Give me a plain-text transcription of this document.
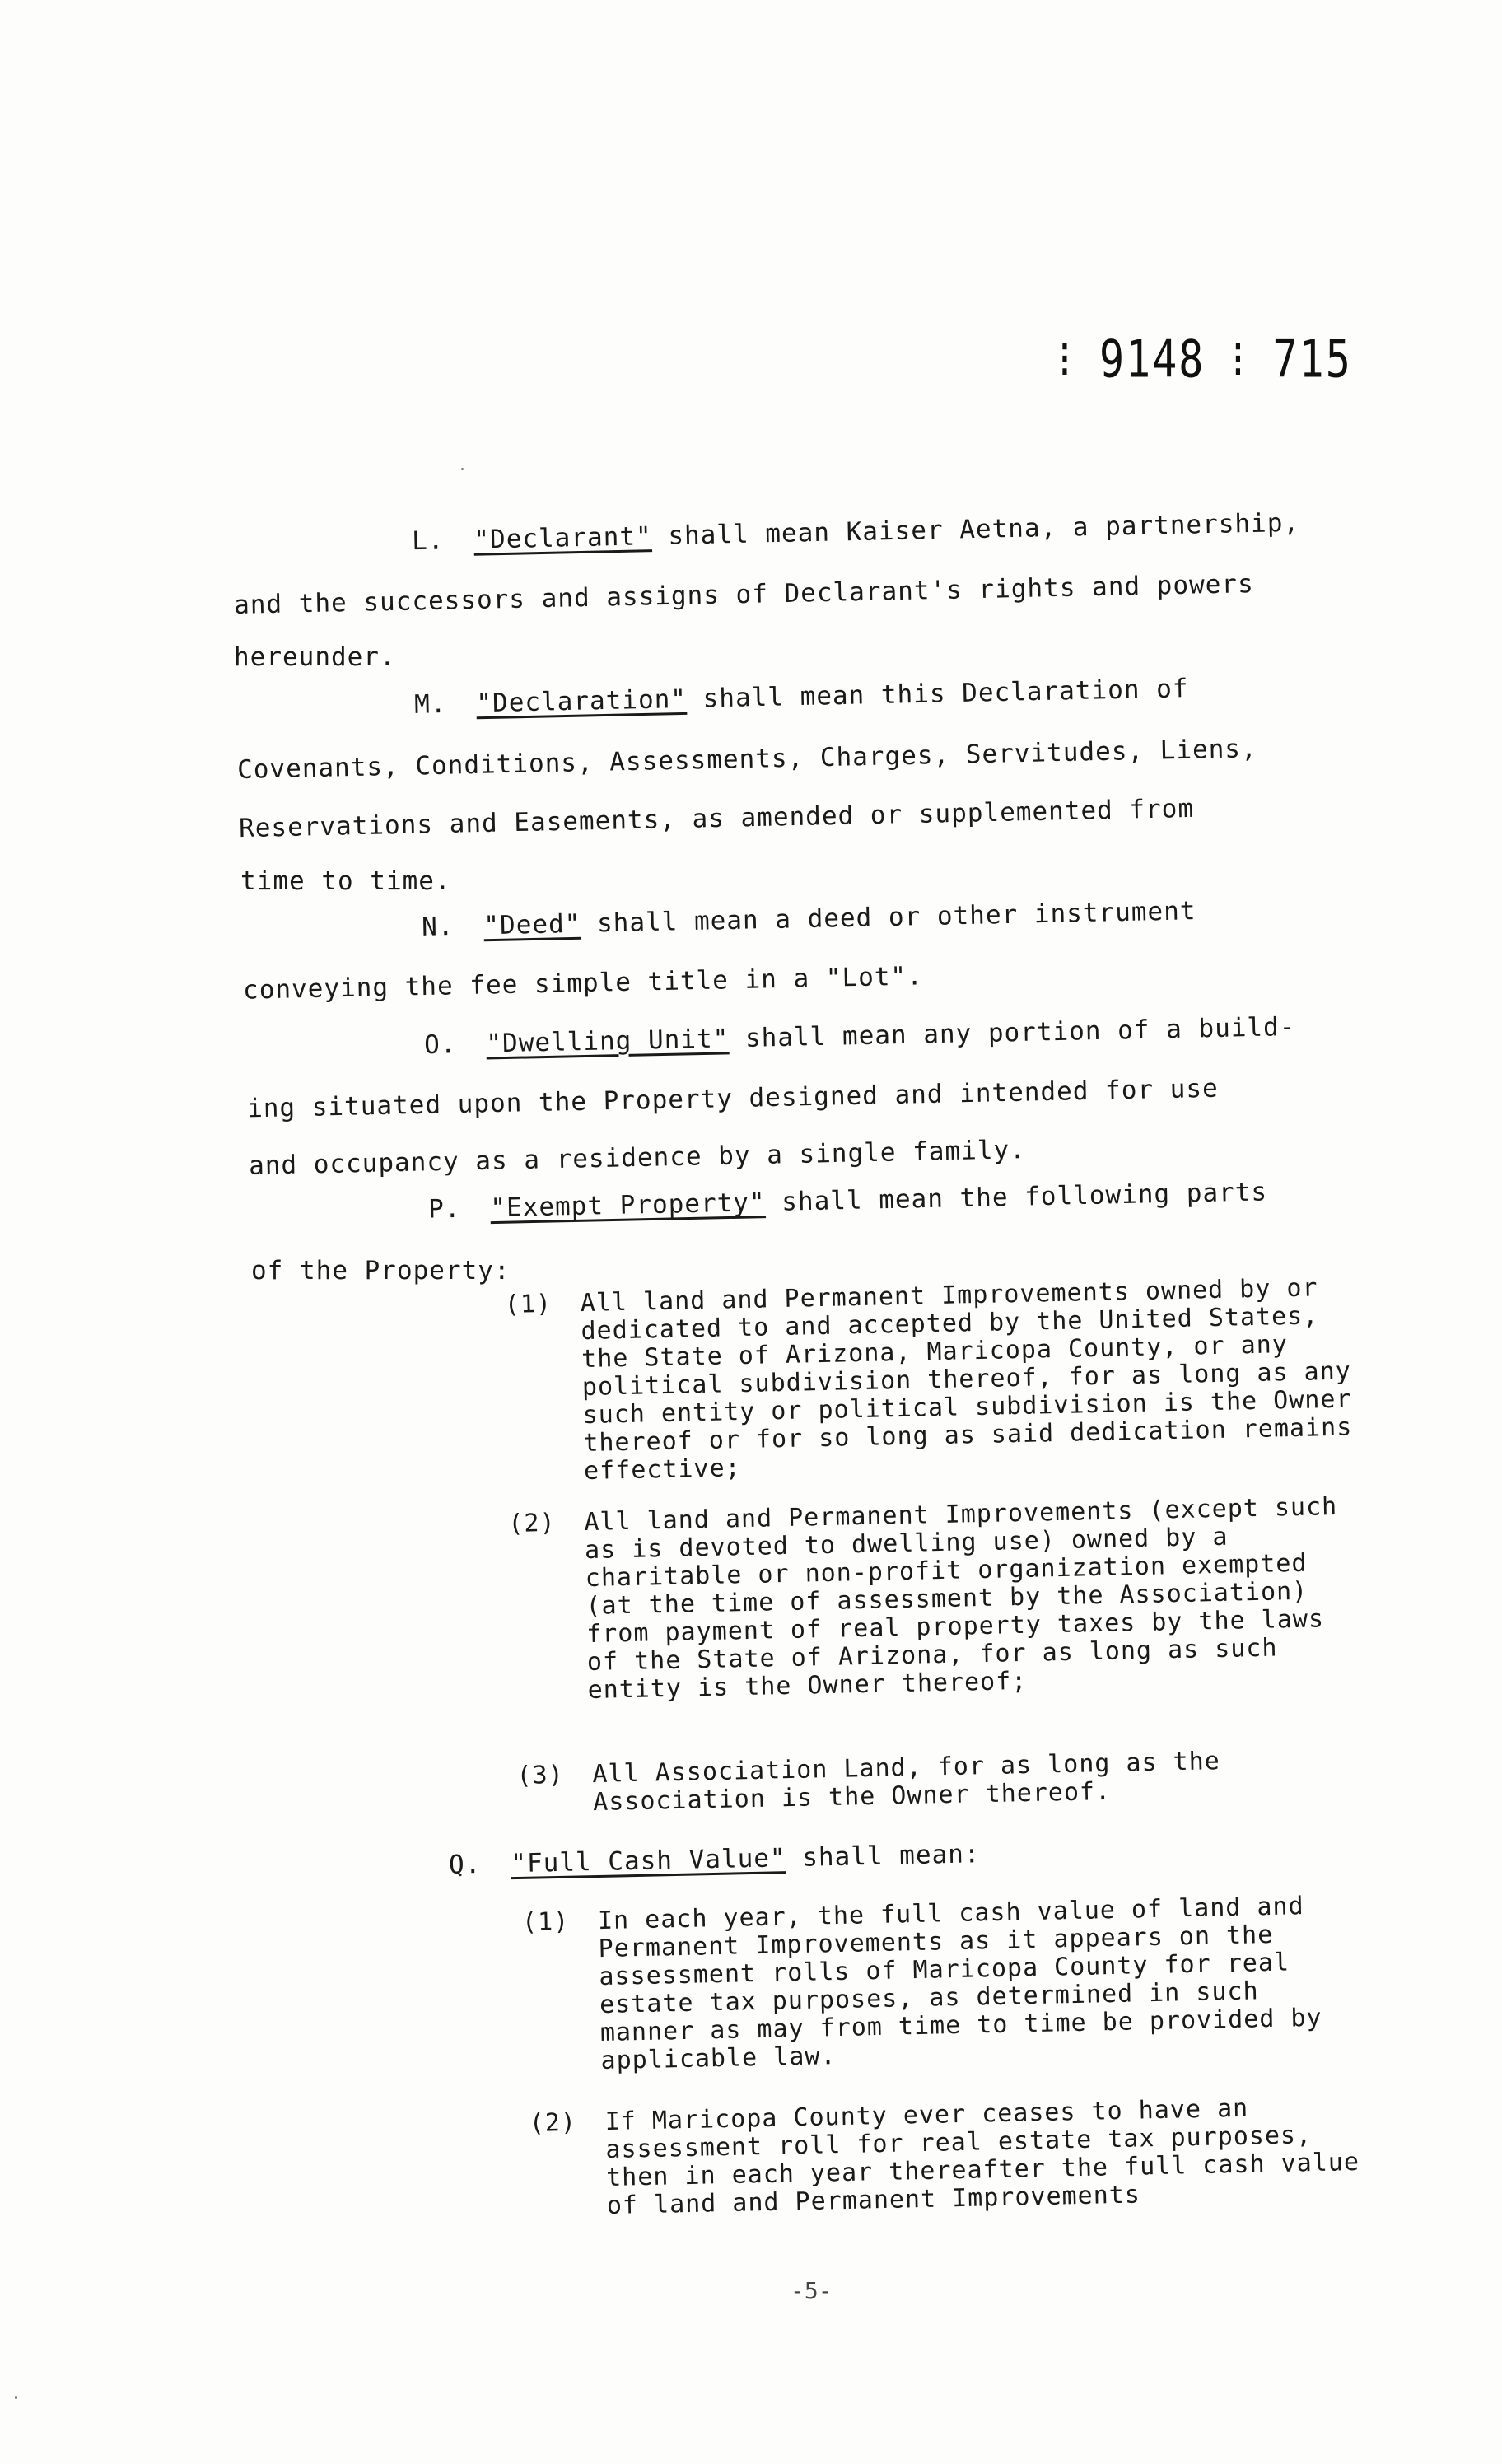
⁝ 9148 ⁝ 715
L. "Declarant" shall mean Kaiser Aetna, a partnership,
and the successors and assigns of Declarant's rights and powers
hereunder.
M. "Declaration" shall mean this Declaration of
Covenants, Conditions, Assessments, Charges, Servitudes, Liens,
Reservations and Easements, as amended or supplemented from
time to time.
N. "Deed" shall mean a deed or other instrument
conveying the fee simple title in a "Lot".
O. "Dwelling Unit" shall mean any portion of a build-
ing situated upon the Property designed and intended for use
and occupancy as a residence by a single family.
P. "Exempt Property" shall mean the following parts
of the Property:
(1) All land and Permanent Improvements owned by or dedicated to and accepted by the United States, the State of Arizona, Maricopa County, or any political subdivision thereof, for as long as any such entity or political subdivision is the Owner thereof or for so long as said dedication remains effective;
(2) All land and Permanent Improvements (except such as is devoted to dwelling use) owned by a charitable or non-profit organization exempted (at the time of assessment by the Association) from payment of real property taxes by the laws of the State of Arizona, for as long as such entity is the Owner thereof;
(3) All Association Land, for as long as the Association is the Owner thereof.
Q. "Full Cash Value" shall mean:
(1) In each year, the full cash value of land and Permanent Improvements as it appears on the assessment rolls of Maricopa County for real estate tax purposes, as determined in such manner as may from time to time be provided by applicable law.
(2) If Maricopa County ever ceases to have an assessment roll for real estate tax purposes, then in each year thereafter the full cash value of land and Permanent Improvements
-5-
